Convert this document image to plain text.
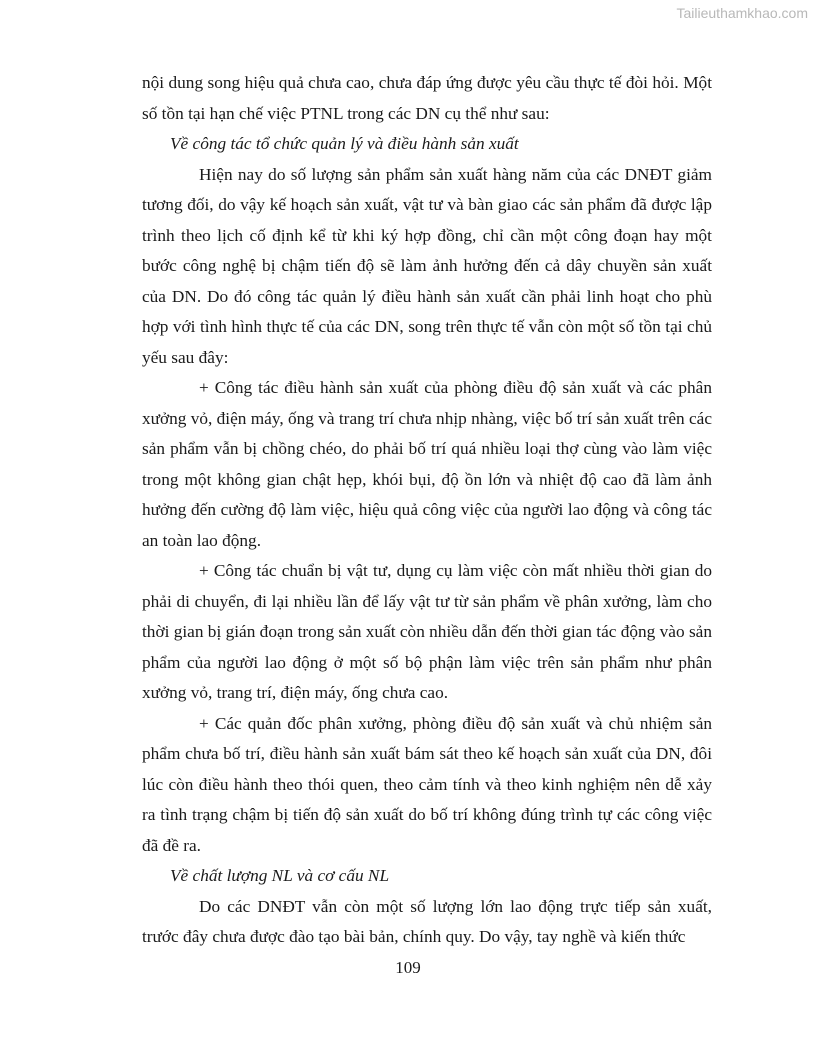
Tailieuthamkhao.com

nội dung song hiệu quả chưa cao, chưa đáp ứng được yêu cầu thực tế đòi hỏi. Một số tồn tại hạn chế việc PTNL trong các DN cụ thể như sau:

Về công tác tổ chức quản lý và điều hành sản xuất

Hiện nay do số lượng sản phẩm sản xuất hàng năm của các DNĐT giảm tương đối, do vậy kế hoạch sản xuất, vật tư và bàn giao các sản phẩm đã được lập trình theo lịch cố định kể từ khi ký hợp đồng, chỉ cần một công đoạn hay một bước công nghệ bị chậm tiến độ sẽ làm ảnh hưởng đến cả dây chuyền sản xuất của DN. Do đó công tác quản lý điều hành sản xuất cần phải linh hoạt cho phù hợp với tình hình thực tế của các DN, song trên thực tế vẫn còn một số tồn tại chủ yếu sau đây:

+ Công tác điều hành sản xuất của phòng điều độ sản xuất và các phân xưởng vỏ, điện máy, ống và trang trí chưa nhịp nhàng, việc bố trí sản xuất trên các sản phẩm vẫn bị chồng chéo, do phải bố trí quá nhiều loại thợ cùng vào làm việc trong một không gian chật hẹp, khói bụi, độ ồn lớn và nhiệt độ cao đã làm ảnh hưởng đến cường độ làm việc, hiệu quả công việc của người lao động và công tác an toàn lao động.

+ Công tác chuẩn bị vật tư, dụng cụ làm việc còn mất nhiều thời gian do phải di chuyển, đi lại nhiều lần để lấy vật tư từ sản phẩm về phân xưởng, làm cho thời gian bị gián đoạn trong sản xuất còn nhiều dẫn đến thời gian tác động vào sản phẩm của người lao động ở một số bộ phận làm việc trên sản phẩm như phân xưởng vỏ, trang trí, điện máy, ống chưa cao.

+ Các quản đốc phân xưởng, phòng điều độ sản xuất và chủ nhiệm sản phẩm chưa bố trí, điều hành sản xuất bám sát theo kế hoạch sản xuất của DN, đôi lúc còn điều hành theo thói quen, theo cảm tính và theo kinh nghiệm nên dễ xảy ra tình trạng chậm bị tiến độ sản xuất do bố trí không đúng trình tự các công việc đã đề ra.

Về chất lượng NL và cơ cấu NL

Do các DNĐT vẫn còn một số lượng lớn lao động trực tiếp sản xuất, trước đây chưa được đào tạo bài bản, chính quy. Do vậy, tay nghề và kiến thức

109
